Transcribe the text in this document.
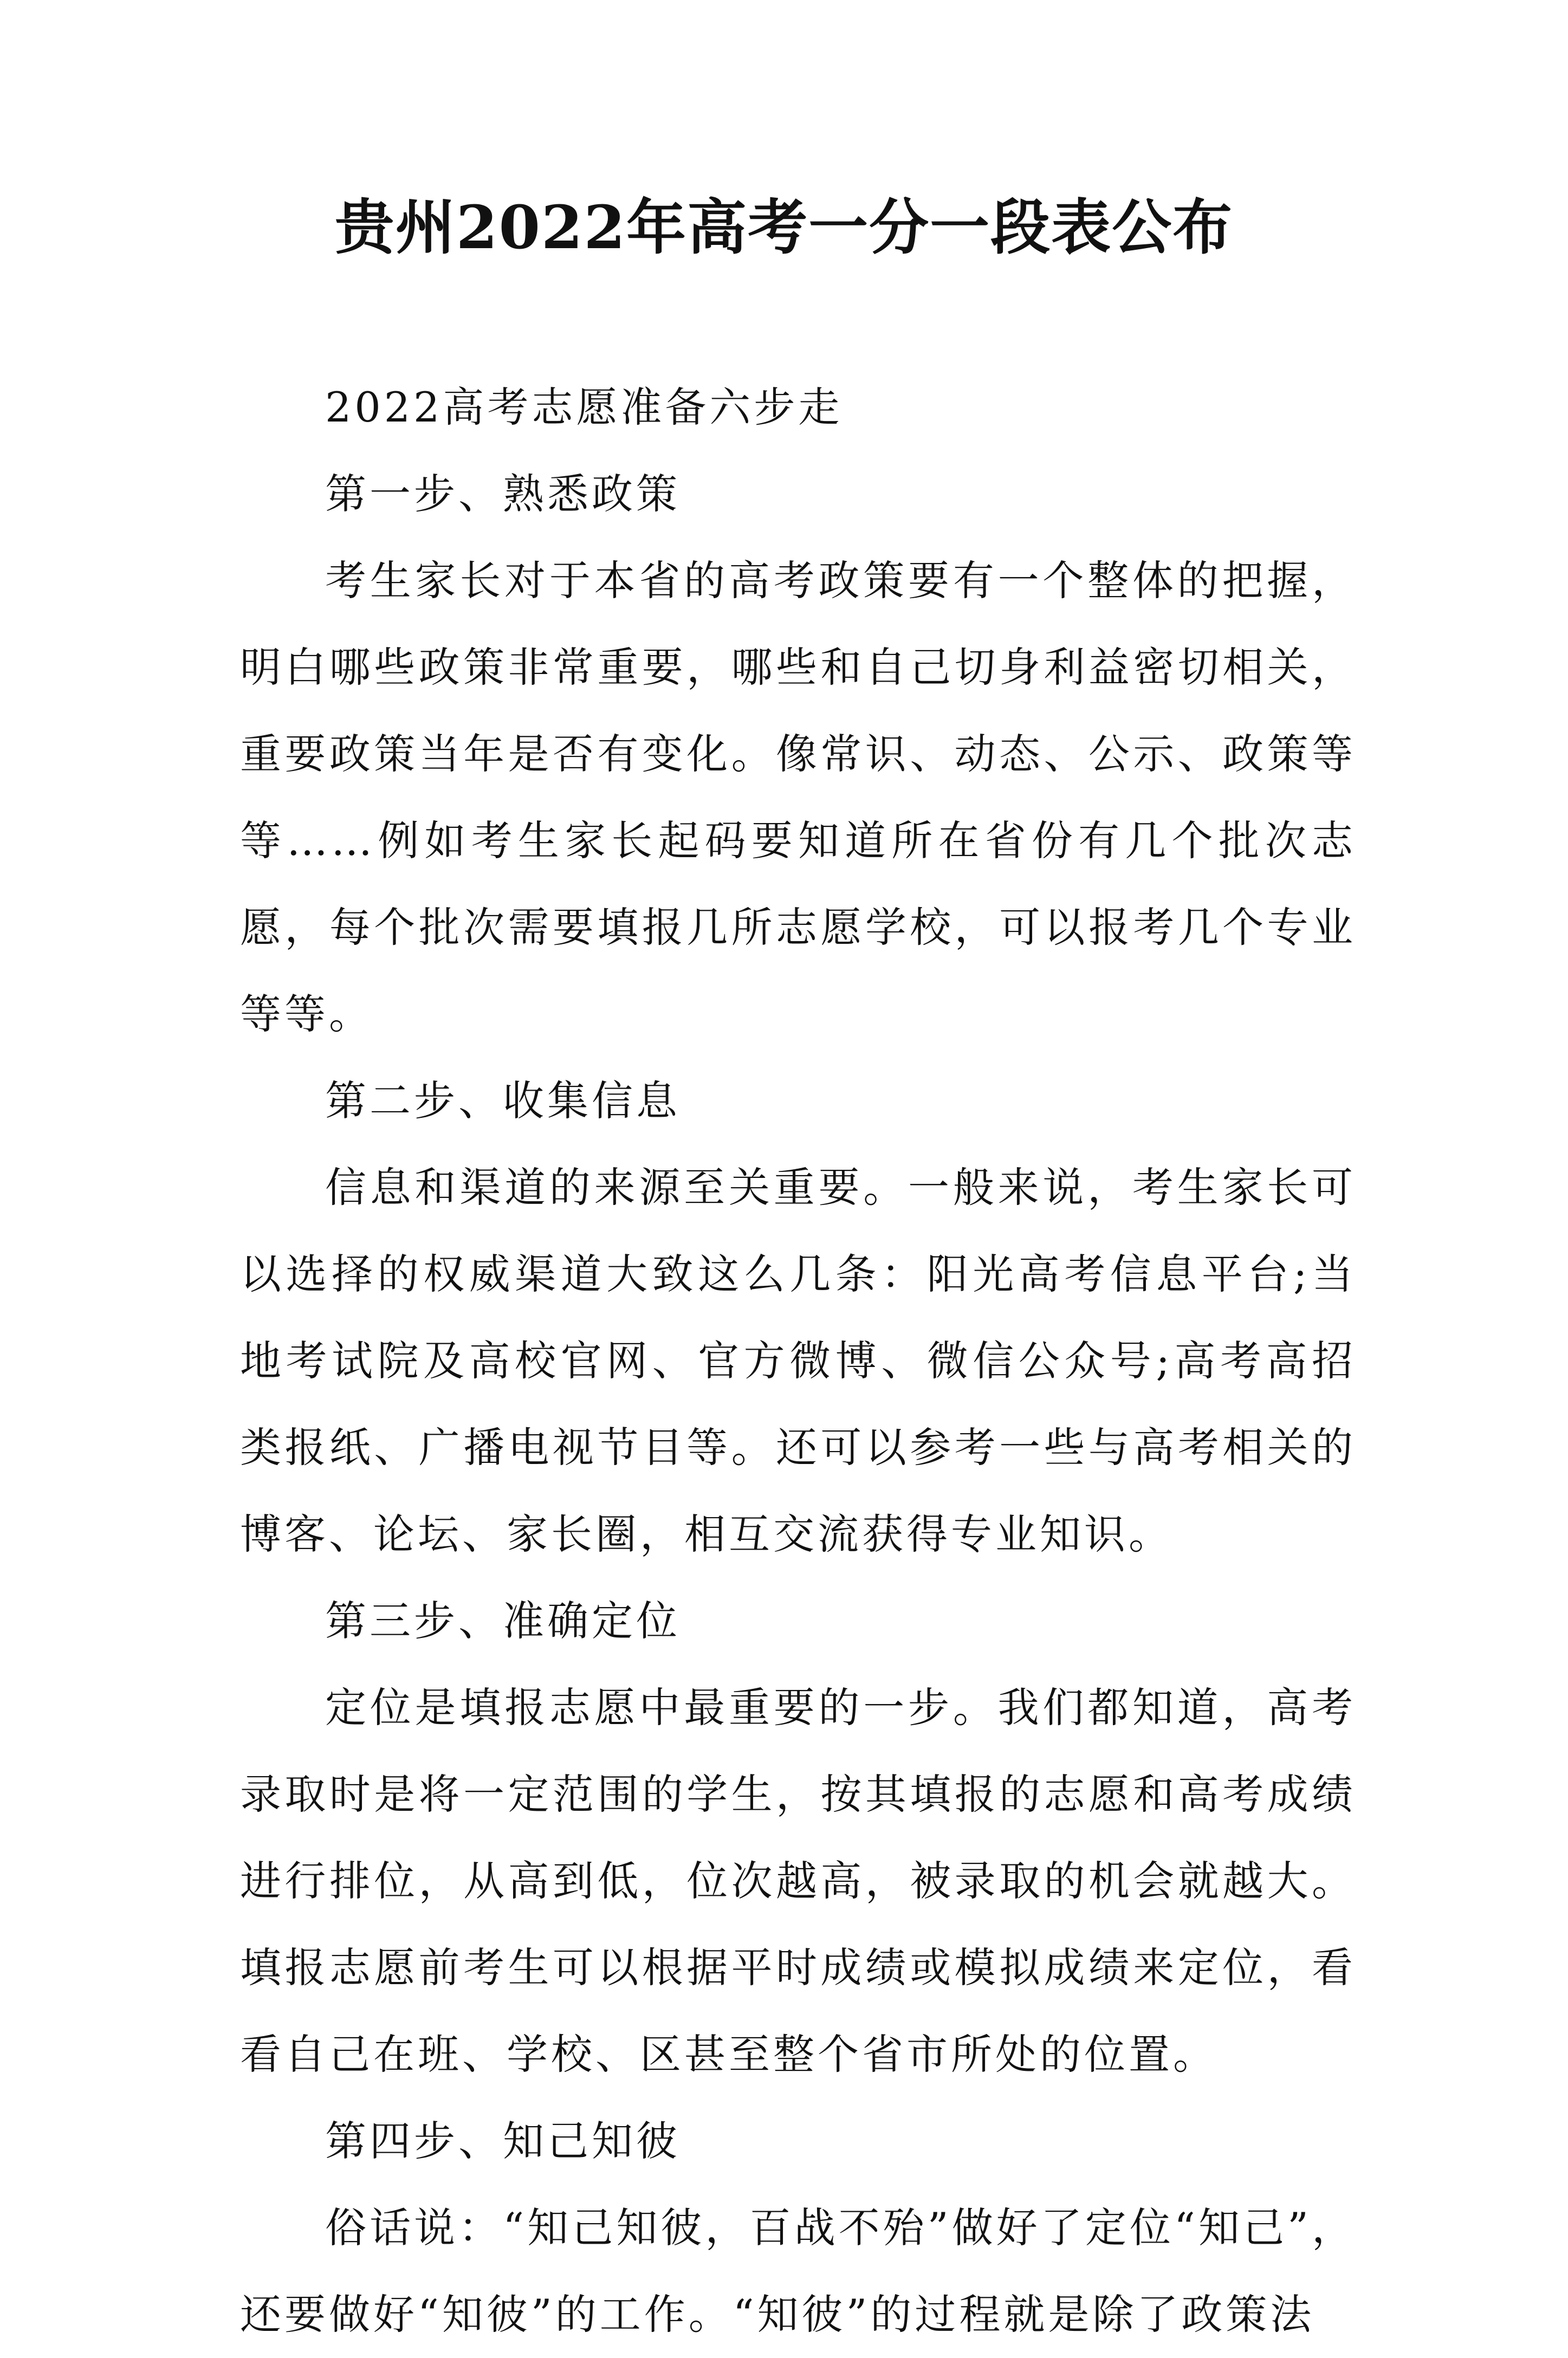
贵州2022年高考一分一段表公布

2022高考志愿准备六步走

第一步、熟悉政策

考生家长对于本省的高考政策要有一个整体的把握，明白哪些政策非常重要，哪些和自己切身利益密切相关，重要政策当年是否有变化。像常识、动态、公示、政策等等……例如考生家长起码要知道所在省份有几个批次志愿，每个批次需要填报几所志愿学校，可以报考几个专业等等。

第二步、收集信息

信息和渠道的来源至关重要。一般来说，考生家长可以选择的权威渠道大致这么几条：阳光高考信息平台;当地考试院及高校官网、官方微博、微信公众号;高考高招类报纸、广播电视节目等。还可以参考一些与高考相关的博客、论坛、家长圈，相互交流获得专业知识。

第三步、准确定位

定位是填报志愿中最重要的一步。我们都知道，高考录取时是将一定范围的学生，按其填报的志愿和高考成绩进行排位，从高到低，位次越高，被录取的机会就越大。填报志愿前考生可以根据平时成绩或模拟成绩来定位，看看自己在班、学校、区甚至整个省市所处的位置。

第四步、知己知彼

俗话说：“知己知彼，百战不殆”做好了定位“知己”，还要做好“知彼”的工作。“知彼”的过程就是除了政策法
